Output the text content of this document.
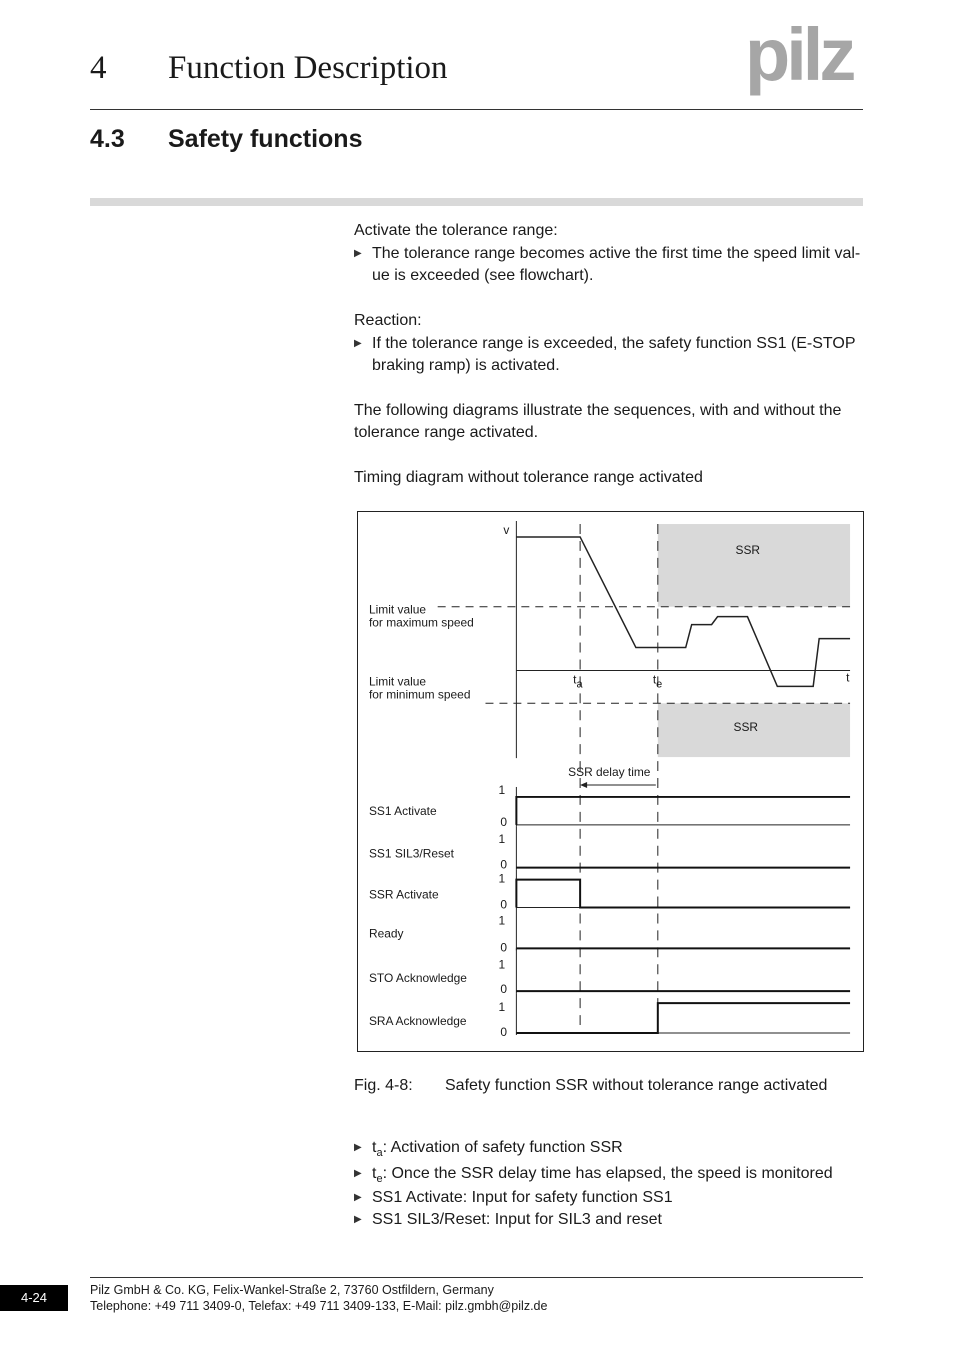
4 Function Description	pilz
4.3 Safety functions
Activate the tolerance range:
▶ The tolerance range becomes active the first time the speed limit val-
ue is exceeded (see flowchart).
Reaction:
▶ If the tolerance range is exceeded, the safety function SS1 (E-STOP
braking ramp) is activated.
The following diagrams illustrate the sequences, with and without the
tolerance range activated.
Timing diagram without tolerance range activated
SSR
SSR
v
t
Limit value
for maximum speed
Limit value
for minimum speed
ta	te
SSR delay time
SS1 Activate
1
0
SS1 SIL3/Reset
1
0
SSR Activate
1
0
Ready
1
0
STO Acknowledge
1
0
SRA Acknowledge
1
0
Fig. 4-8: Safety function SSR without tolerance range activated
▶ $t_a$: Activation of safety function SSR
▶ $t_e$: Once the SSR delay time has elapsed, the speed is monitored
▶ SS1 Activate: Input for safety function SS1
▶ SS1 SIL3/Reset: Input for SIL3 and reset
4-24	Pilz GmbH & Co. KG, Felix-Wankel-Straße 2, 73760 Ostfildern, Germany
Telephone: +49 711 3409-0, Telefax: +49 711 3409-133, E-Mail: pilz.gmbh@pilz.de
